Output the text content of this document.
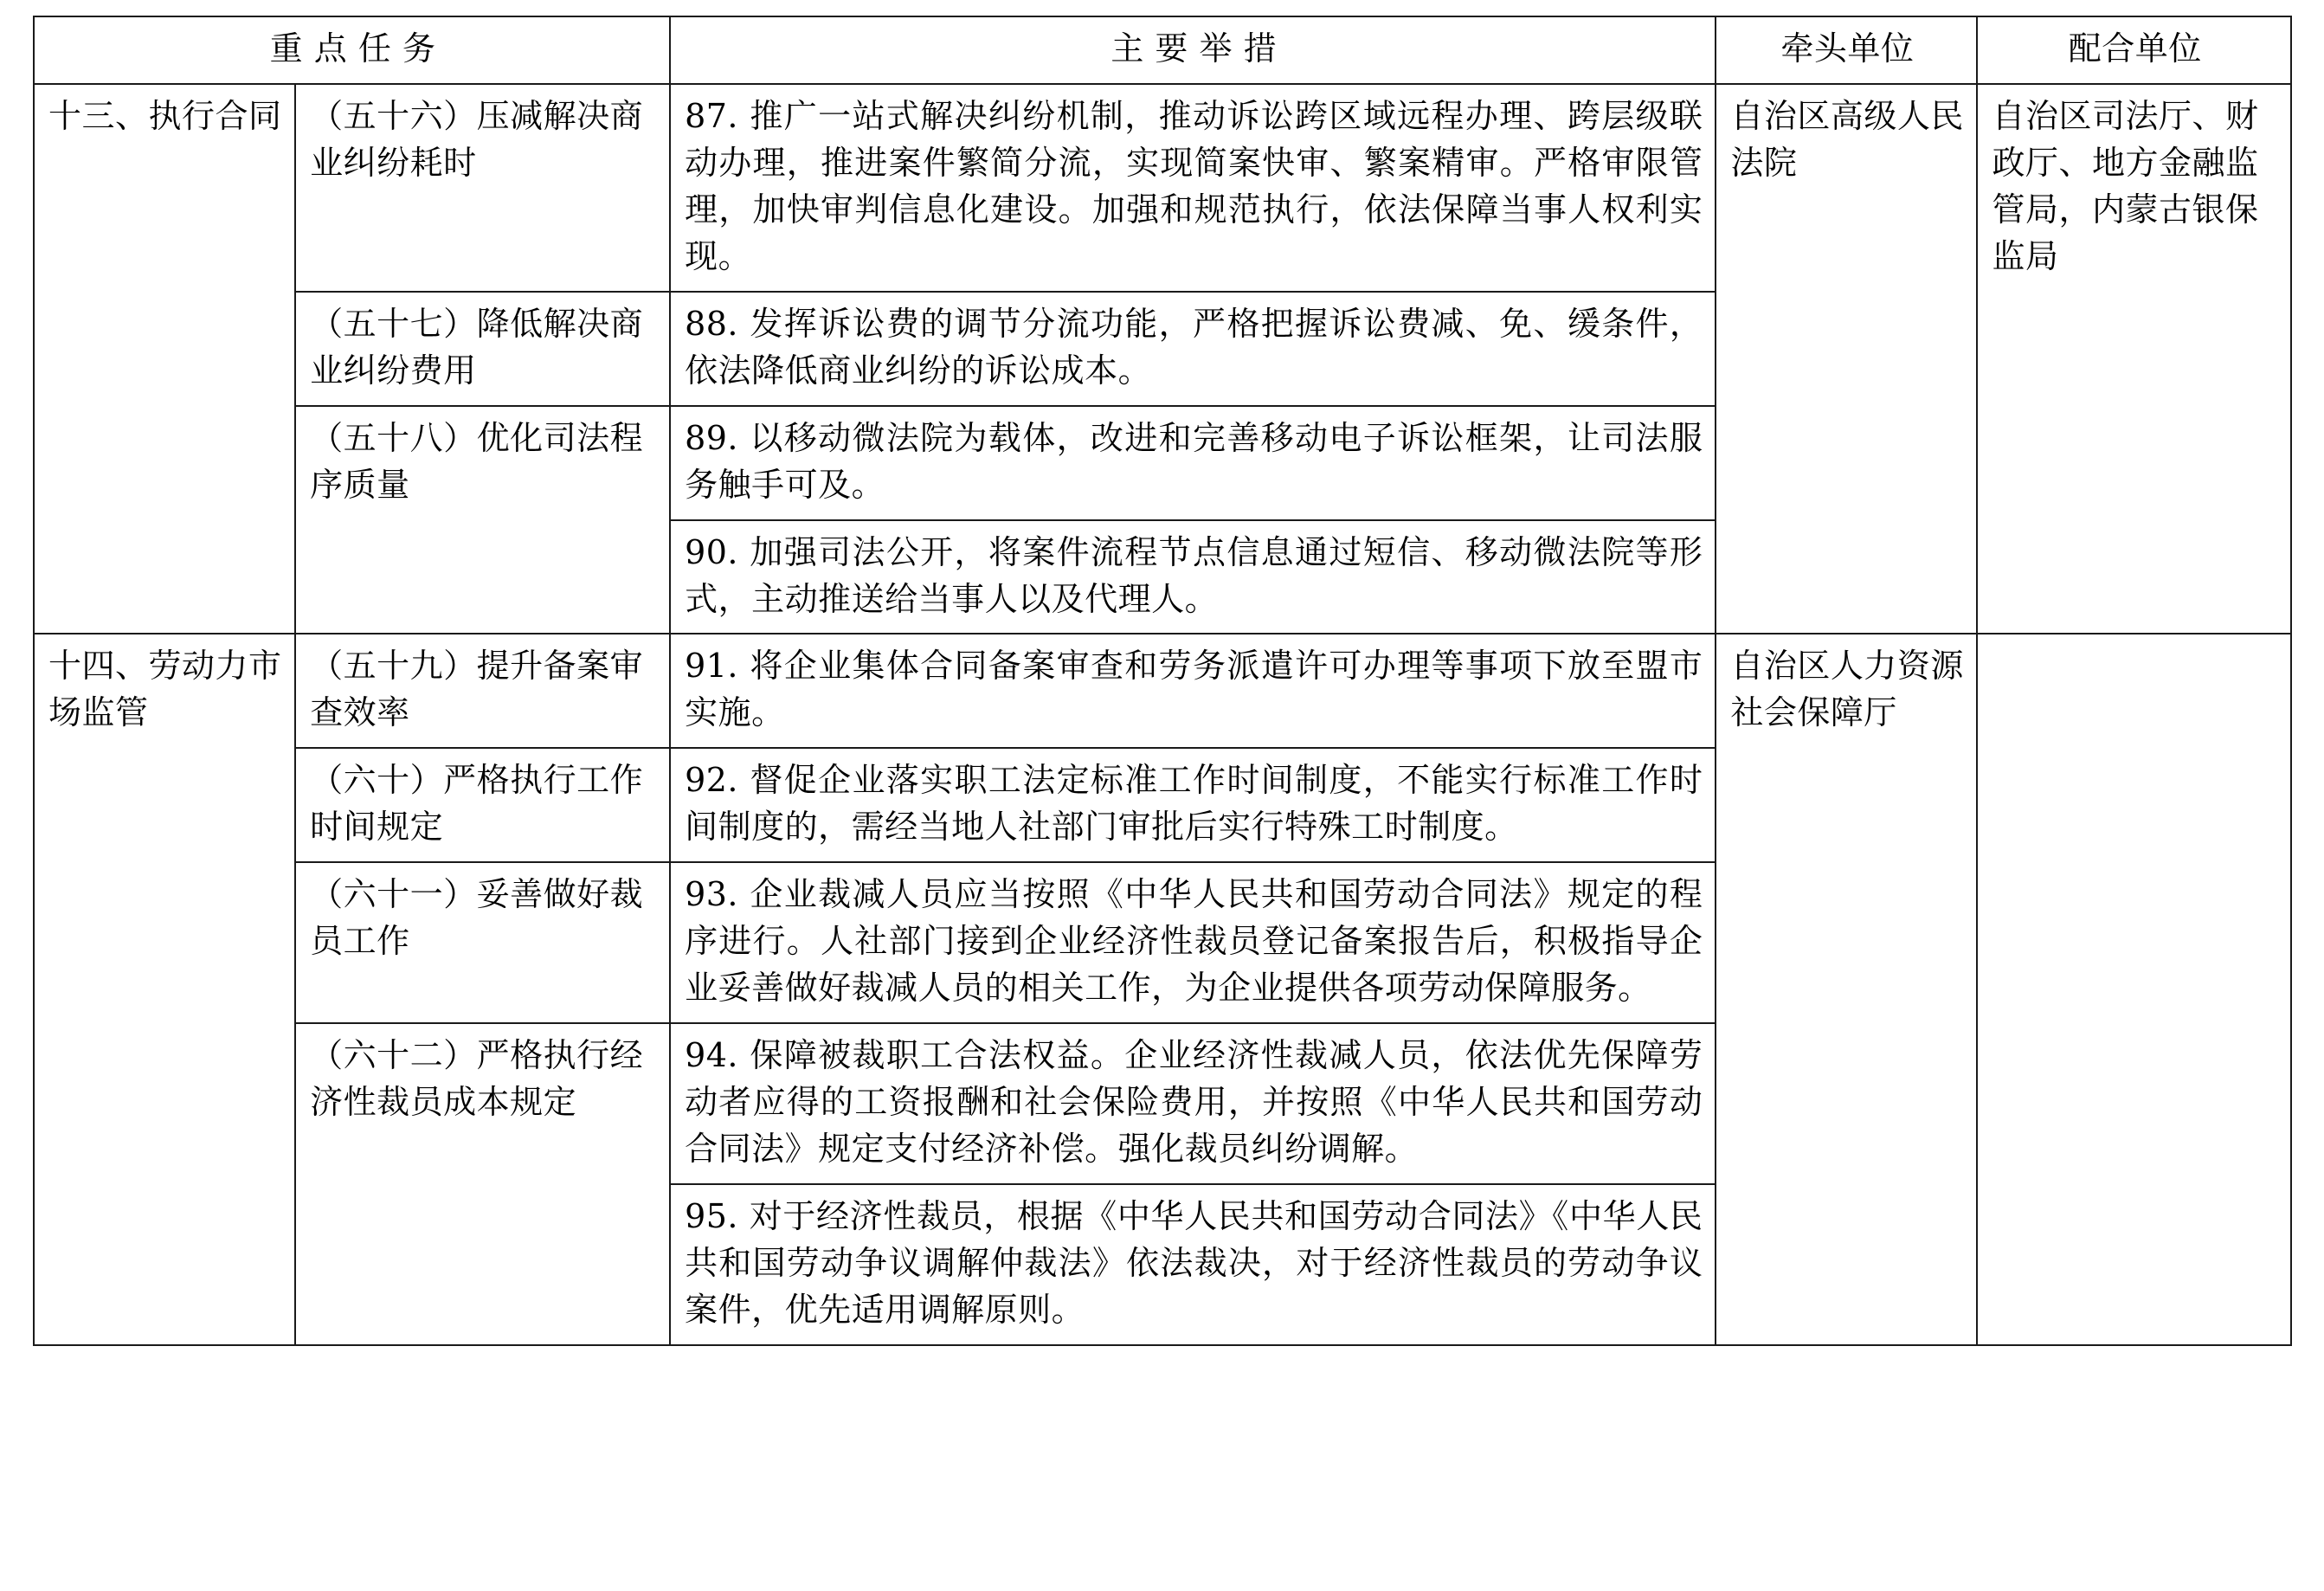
重 点 任 务		主 要 举 措	牵头单位	配合单位
十三、执行合同	（五十六）压减解决商业纠纷耗时	87. 推广一站式解决纠纷机制，推动诉讼跨区域远程办理、跨层级联动办理，推进案件繁简分流，实现简案快审、繁案精审。严格审限管理，加快审判信息化建设。加强和规范执行，依法保障当事人权利实现。	自治区高级人民法院	自治区司法厅、财政厅、地方金融监管局，内蒙古银保监局
	（五十七）降低解决商业纠纷费用	88. 发挥诉讼费的调节分流功能，严格把握诉讼费减、免、缓条件，依法降低商业纠纷的诉讼成本。		
	（五十八）优化司法程序质量	89. 以移动微法院为载体，改进和完善移动电子诉讼框架，让司法服务触手可及。		
		90. 加强司法公开，将案件流程节点信息通过短信、移动微法院等形式，主动推送给当事人以及代理人。		
十四、劳动力市场监管	（五十九）提升备案审查效率	91. 将企业集体合同备案审查和劳务派遣许可办理等事项下放至盟市实施。	自治区人力资源社会保障厅	
	（六十）严格执行工作时间规定	92. 督促企业落实职工法定标准工作时间制度，不能实行标准工作时间制度的，需经当地人社部门审批后实行特殊工时制度。		
	（六十一）妥善做好裁员工作	93. 企业裁减人员应当按照《中华人民共和国劳动合同法》规定的程序进行。人社部门接到企业经济性裁员登记备案报告后，积极指导企业妥善做好裁减人员的相关工作，为企业提供各项劳动保障服务。		
	（六十二）严格执行经济性裁员成本规定	94. 保障被裁职工合法权益。企业经济性裁减人员，依法优先保障劳动者应得的工资报酬和社会保险费用，并按照《中华人民共和国劳动合同法》规定支付经济补偿。强化裁员纠纷调解。		
		95. 对于经济性裁员，根据《中华人民共和国劳动合同法》《中华人民共和国劳动争议调解仲裁法》依法裁决，对于经济性裁员的劳动争议案件，优先适用调解原则。		
